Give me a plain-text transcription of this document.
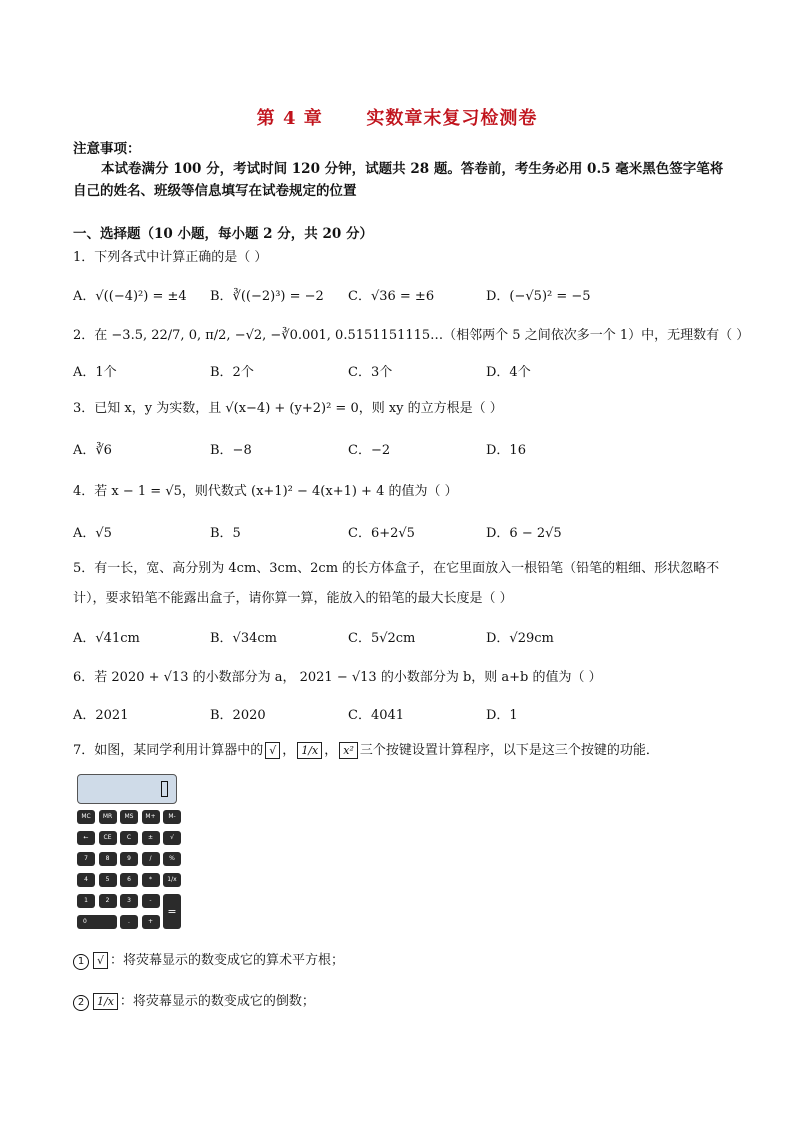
第 4 章      实数章末复习检测卷
注意事项：
本试卷满分 100 分，考试时间 120 分钟，试题共 28 题。答卷前，考生务必用 0.5 毫米黑色签字笔将自己的姓名、班级等信息填写在试卷规定的位置
一、选择题（10 小题，每小题 2 分，共 20 分）
1．下列各式中计算正确的是（ ）
A．√((−4)²) = ±4 B．∛((−2)³) = −2 C．√36 = ±6	D．(−√5)² = −5
2．在 −3.5, 22/7, 0, π/2, −√2, −∛0.001, 0.5151151115…（相邻两个 5 之间依次多一个 1）中，无理数有（ ）
A．1个	B．2个	C．3个	D．4个
3．已知 x，y 为实数，且 √(x−4) + (y+2)² = 0，则 xy 的立方根是（ ）
A．∛6	B．−8	C．−2	D．16
4．若 x − 1 = √5，则代数式 (x+1)² − 4(x+1) + 4 的值为（ ）
A．√5	B．5	C．6+2√5	D．6 − 2√5
5．有一长，宽、高分别为 4cm、3cm、2cm 的长方体盒子，在它里面放入一根铅笔（铅笔的粗细、形状忽略不计），要求铅笔不能露出盒子，请你算一算，能放入的铅笔的最大长度是（ ）
A．√41cm	B．√34cm	C．5√2cm	D．√29cm
6．若 2020 + √13 的小数部分为 a， 2021 − √13 的小数部分为 b，则 a+b 的值为（ ）
A．2021	B．2020	C．4041	D．1
7．如图，某同学利用计算器中的 √ ， 1/x ， x² 三个按键设置计算程序，以下是这三个按键的功能．
MC	MR	MS	M+	M-
←	CE	C	±	√
7	8	9	/	%
4	5	6	*	1/x
1	2	3	-
0	.	+
=
1 √ ：将荧幕显示的数变成它的算术平方根；
2 1/x ：将荧幕显示的数变成它的倒数；
